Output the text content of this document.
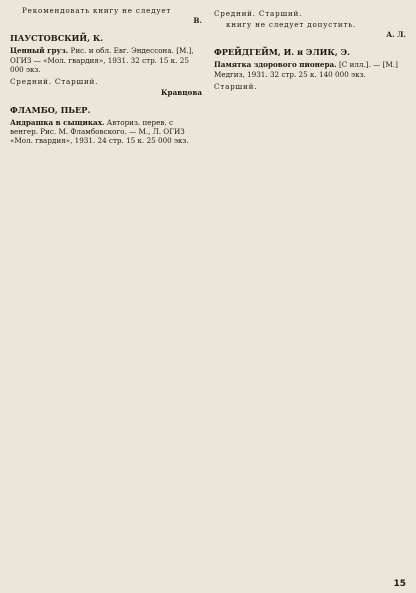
Рекомендовать книгу не следует

В.

ПАУСТОВСКИЙ, К.

Ценный груз. Рис. и обл. Евг. Эндессона. [М.], ОГИЗ — «Мол. гвардия», 1931. 32 стр. 15 к. 25 000 экз.

Средний. Старший.

Кравцова

ФЛАМБО, ПЬЕР.

Андрашка в сыщиках. Авториз. перев. с венгер. Рис. М. Фламбовского. — М., Л. ОГИЗ «Мол. гвардия», 1931. 24 стр. 15 к. 25 000 экз.

Средний. Старший.

книгу не следует допустить.

А. Л.

ФРЕЙДГЕЙМ, И. и ЭЛИК, Э.

Памятка здорового пионера. [С илл.]. — [М.] Медгиз, 1931. 32 стр. 25 к. 140 000 экз.

Старший.

15
